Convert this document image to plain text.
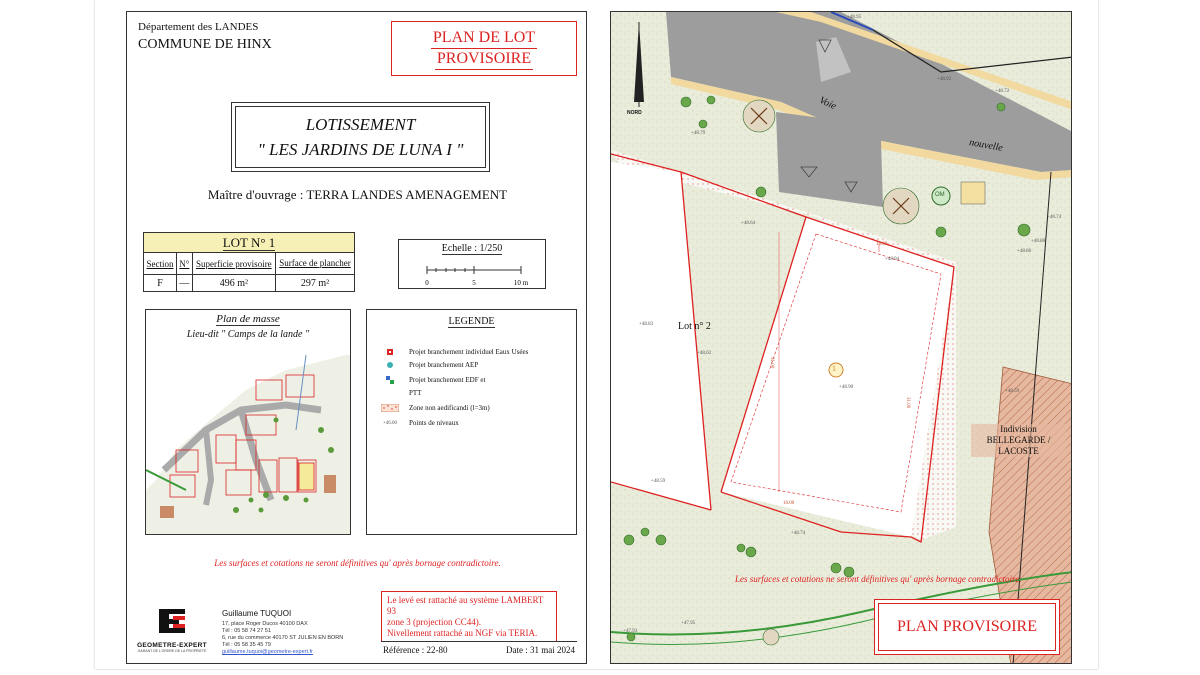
Département des LANDES
COMMUNE DE HINX	PLAN DE LOT
PROVISOIRE
LOTISSEMENT
" LES JARDINS DE LUNA I "
Maître d'ouvrage : TERRA LANDES AMENAGEMENT
LOT N° 1			
Section	N°	Superficie provisoire	Surface de plancher
F	—	496 m²	297 m²
Echelle : 1/250
0	5	10 m
Plan de masse
Lieu-dit " Camps de la lande "
LEGENDE
Projet branchement individuel Eaux Usées
Projet branchement AEP
Projet branchement EDF et
PTT
Zone non aedificandi (l=3m)
+46.00 Points de niveaux
Les surfaces et cotations ne seront définitives qu' après bornage contradictoire.
GEOMETRE-EXPERT
GARANT DE L'ORDRE DE LA PROPRIETE
Guillaume TUQUOI
17, place Roger Ducos 40100 DAX
Tél : 05 58 74 27 51
6, rue du commerce 40170 ST JULIEN EN BORN
Tél : 05 58 35 45 79
guillaume.tuquoi@geometre-expert.fr
Le levé est rattaché au système LAMBERT 93
zone 3 (projection CC44).
Nivellement rattaché au NGF via TERIA.
Référence : 22-80	Date : 31 mai 2024
+48.95
+48.92
+48.72
+48.64
+48.79
+48.94
+48.83
+48.62
+48.90
+48.59
+48.74
+48.86
+48.86
+48.59
+48.74
+47.93
+47.95
18.00
31.00
31.00
16.00
NORD
Voie
nouvelle
Lot n° 2
1
OM
Indivision
BELLEGARDE /
LACOSTE
Les surfaces et cotations ne seront définitives qu' après bornage contradictoire.
PLAN PROVISOIRE
